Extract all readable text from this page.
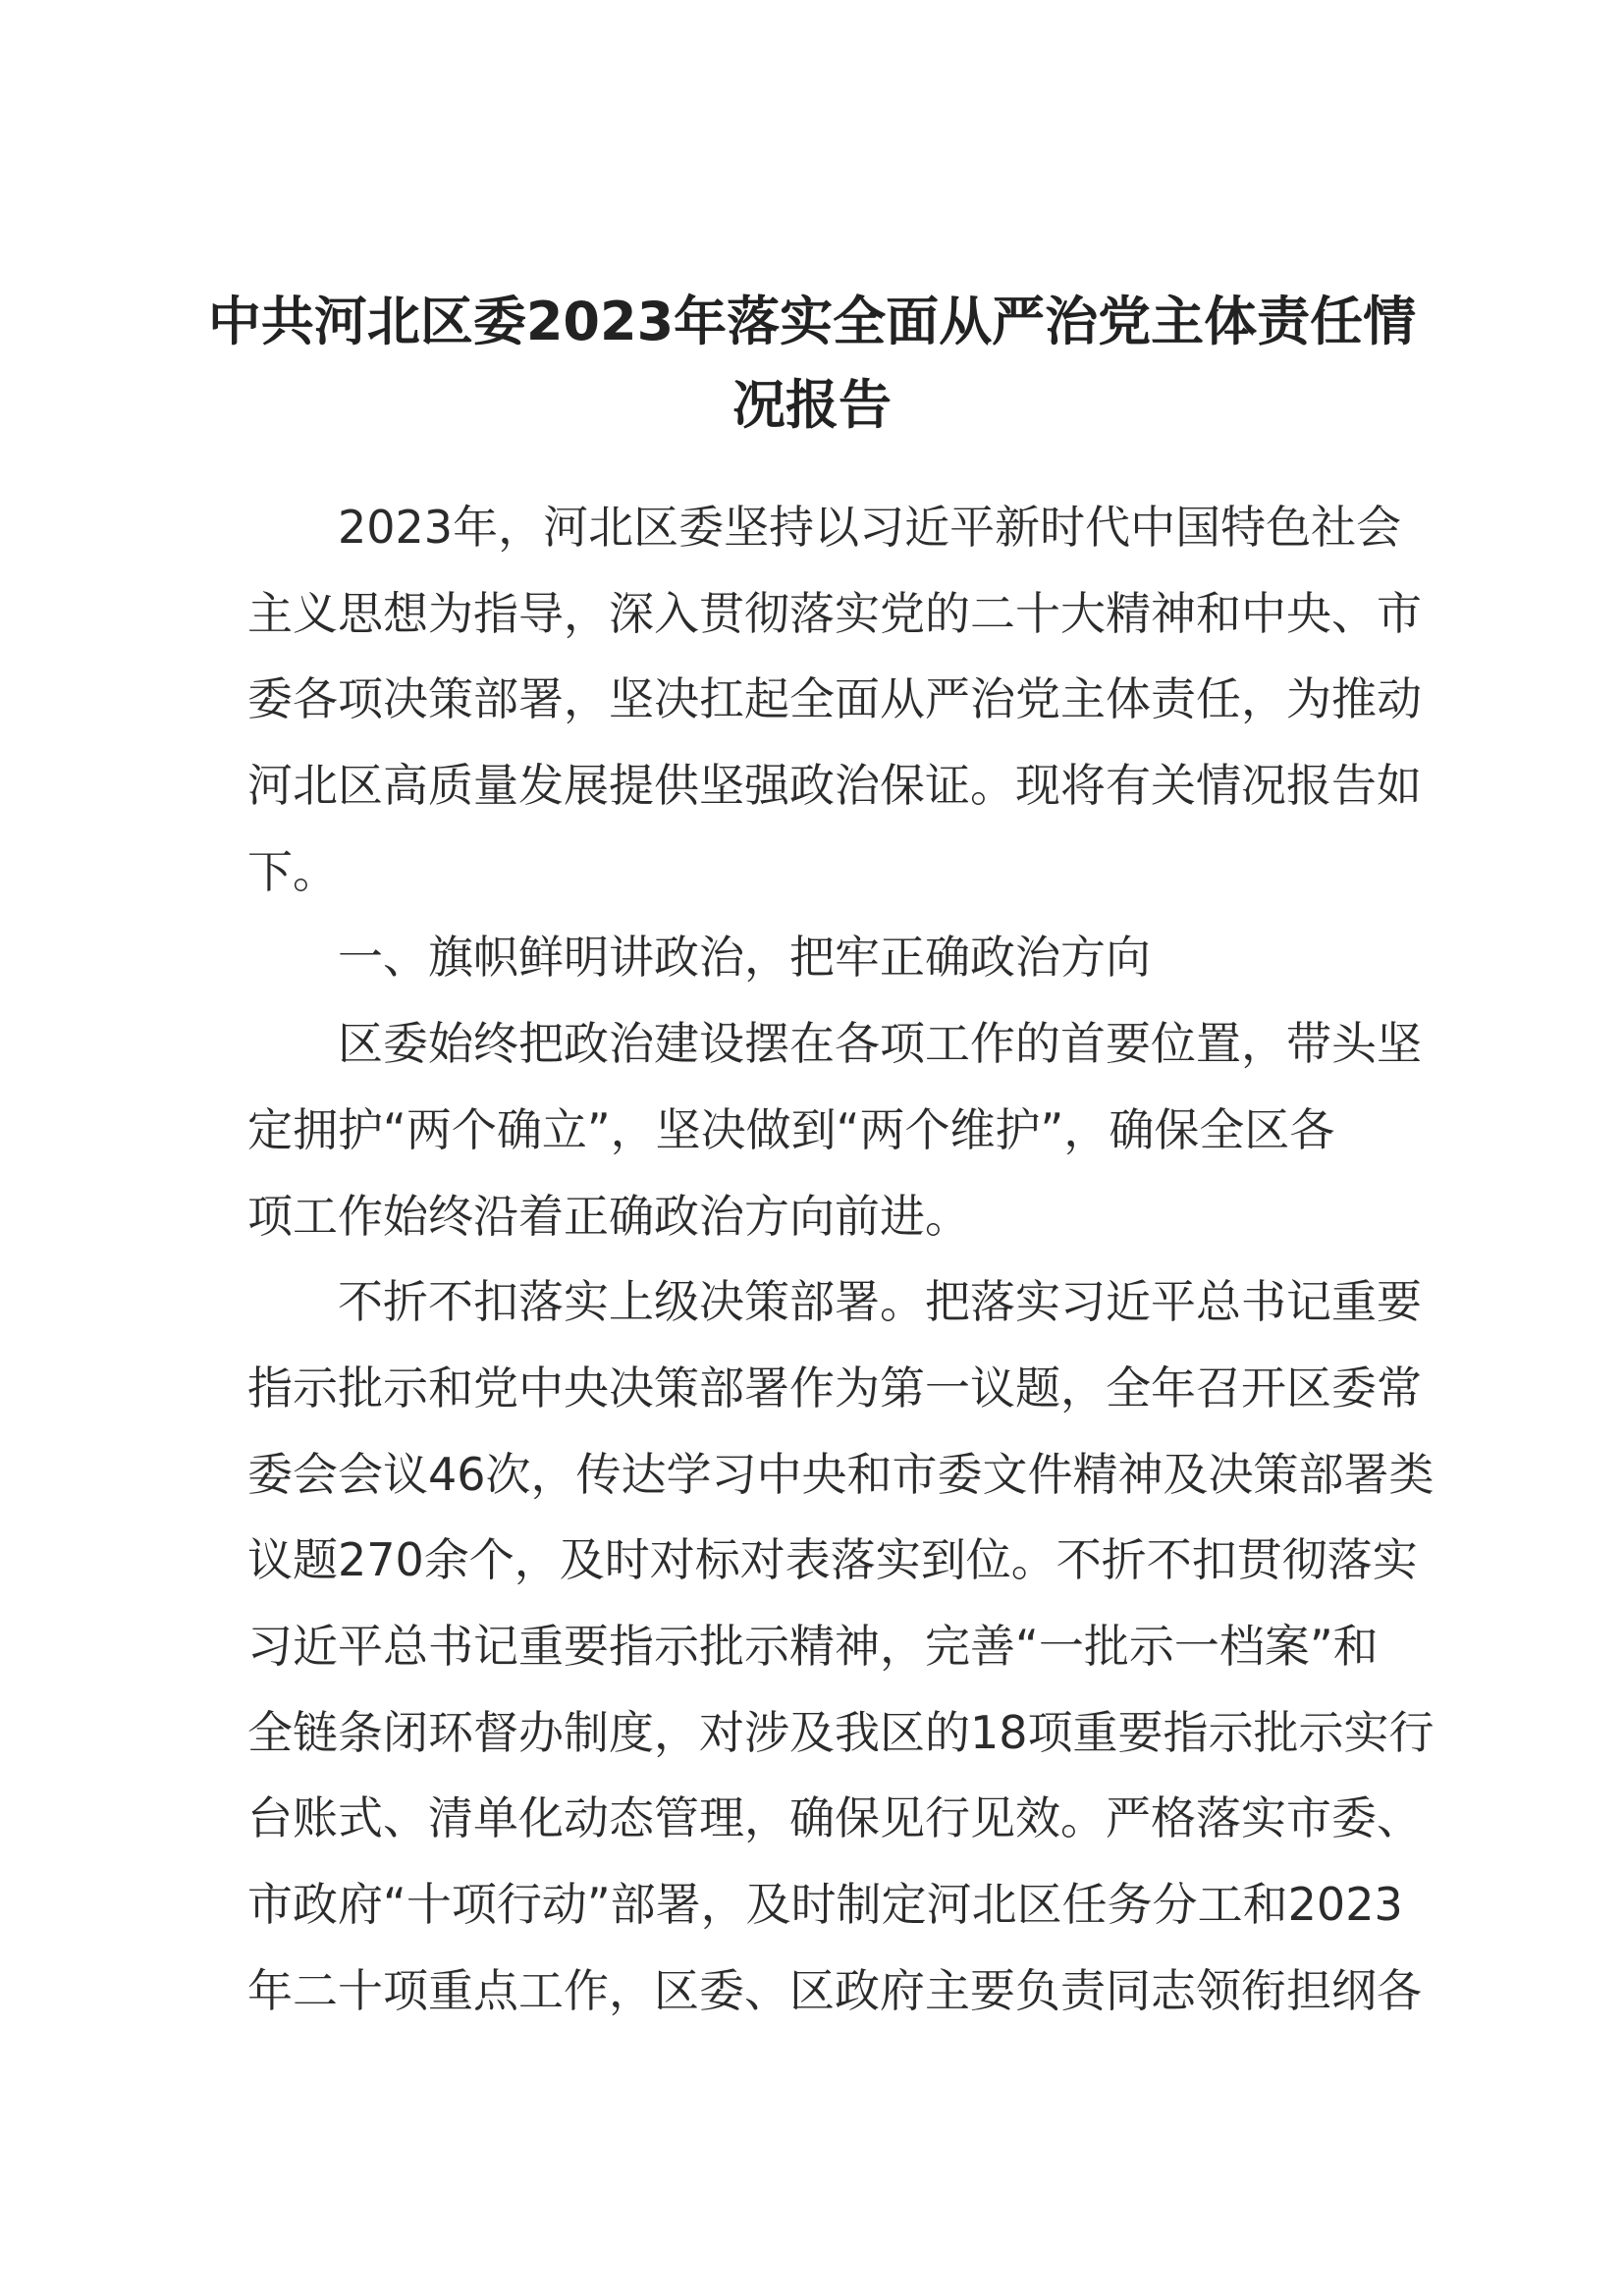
中共河北区委2023年落实全面从严治党主体责任情
况报告
2023年，河北区委坚持以习近平新时代中国特色社会
主义思想为指导，深入贯彻落实党的二十大精神和中央、市
委各项决策部署，坚决扛起全面从严治党主体责任，为推动
河北区高质量发展提供坚强政治保证。现将有关情况报告如
下。
一、旗帜鲜明讲政治，把牢正确政治方向
区委始终把政治建设摆在各项工作的首要位置，带头坚
定拥护“两个确立”，坚决做到“两个维护”，确保全区各
项工作始终沿着正确政治方向前进。
不折不扣落实上级决策部署。把落实习近平总书记重要
指示批示和党中央决策部署作为第一议题，全年召开区委常
委会会议46次，传达学习中央和市委文件精神及决策部署类
议题270余个，及时对标对表落实到位。不折不扣贯彻落实
习近平总书记重要指示批示精神，完善“一批示一档案”和
全链条闭环督办制度，对涉及我区的18项重要指示批示实行
台账式、清单化动态管理，确保见行见效。严格落实市委、
市政府“十项行动”部署，及时制定河北区任务分工和2023
年二十项重点工作，区委、区政府主要负责同志领衔担纲各
